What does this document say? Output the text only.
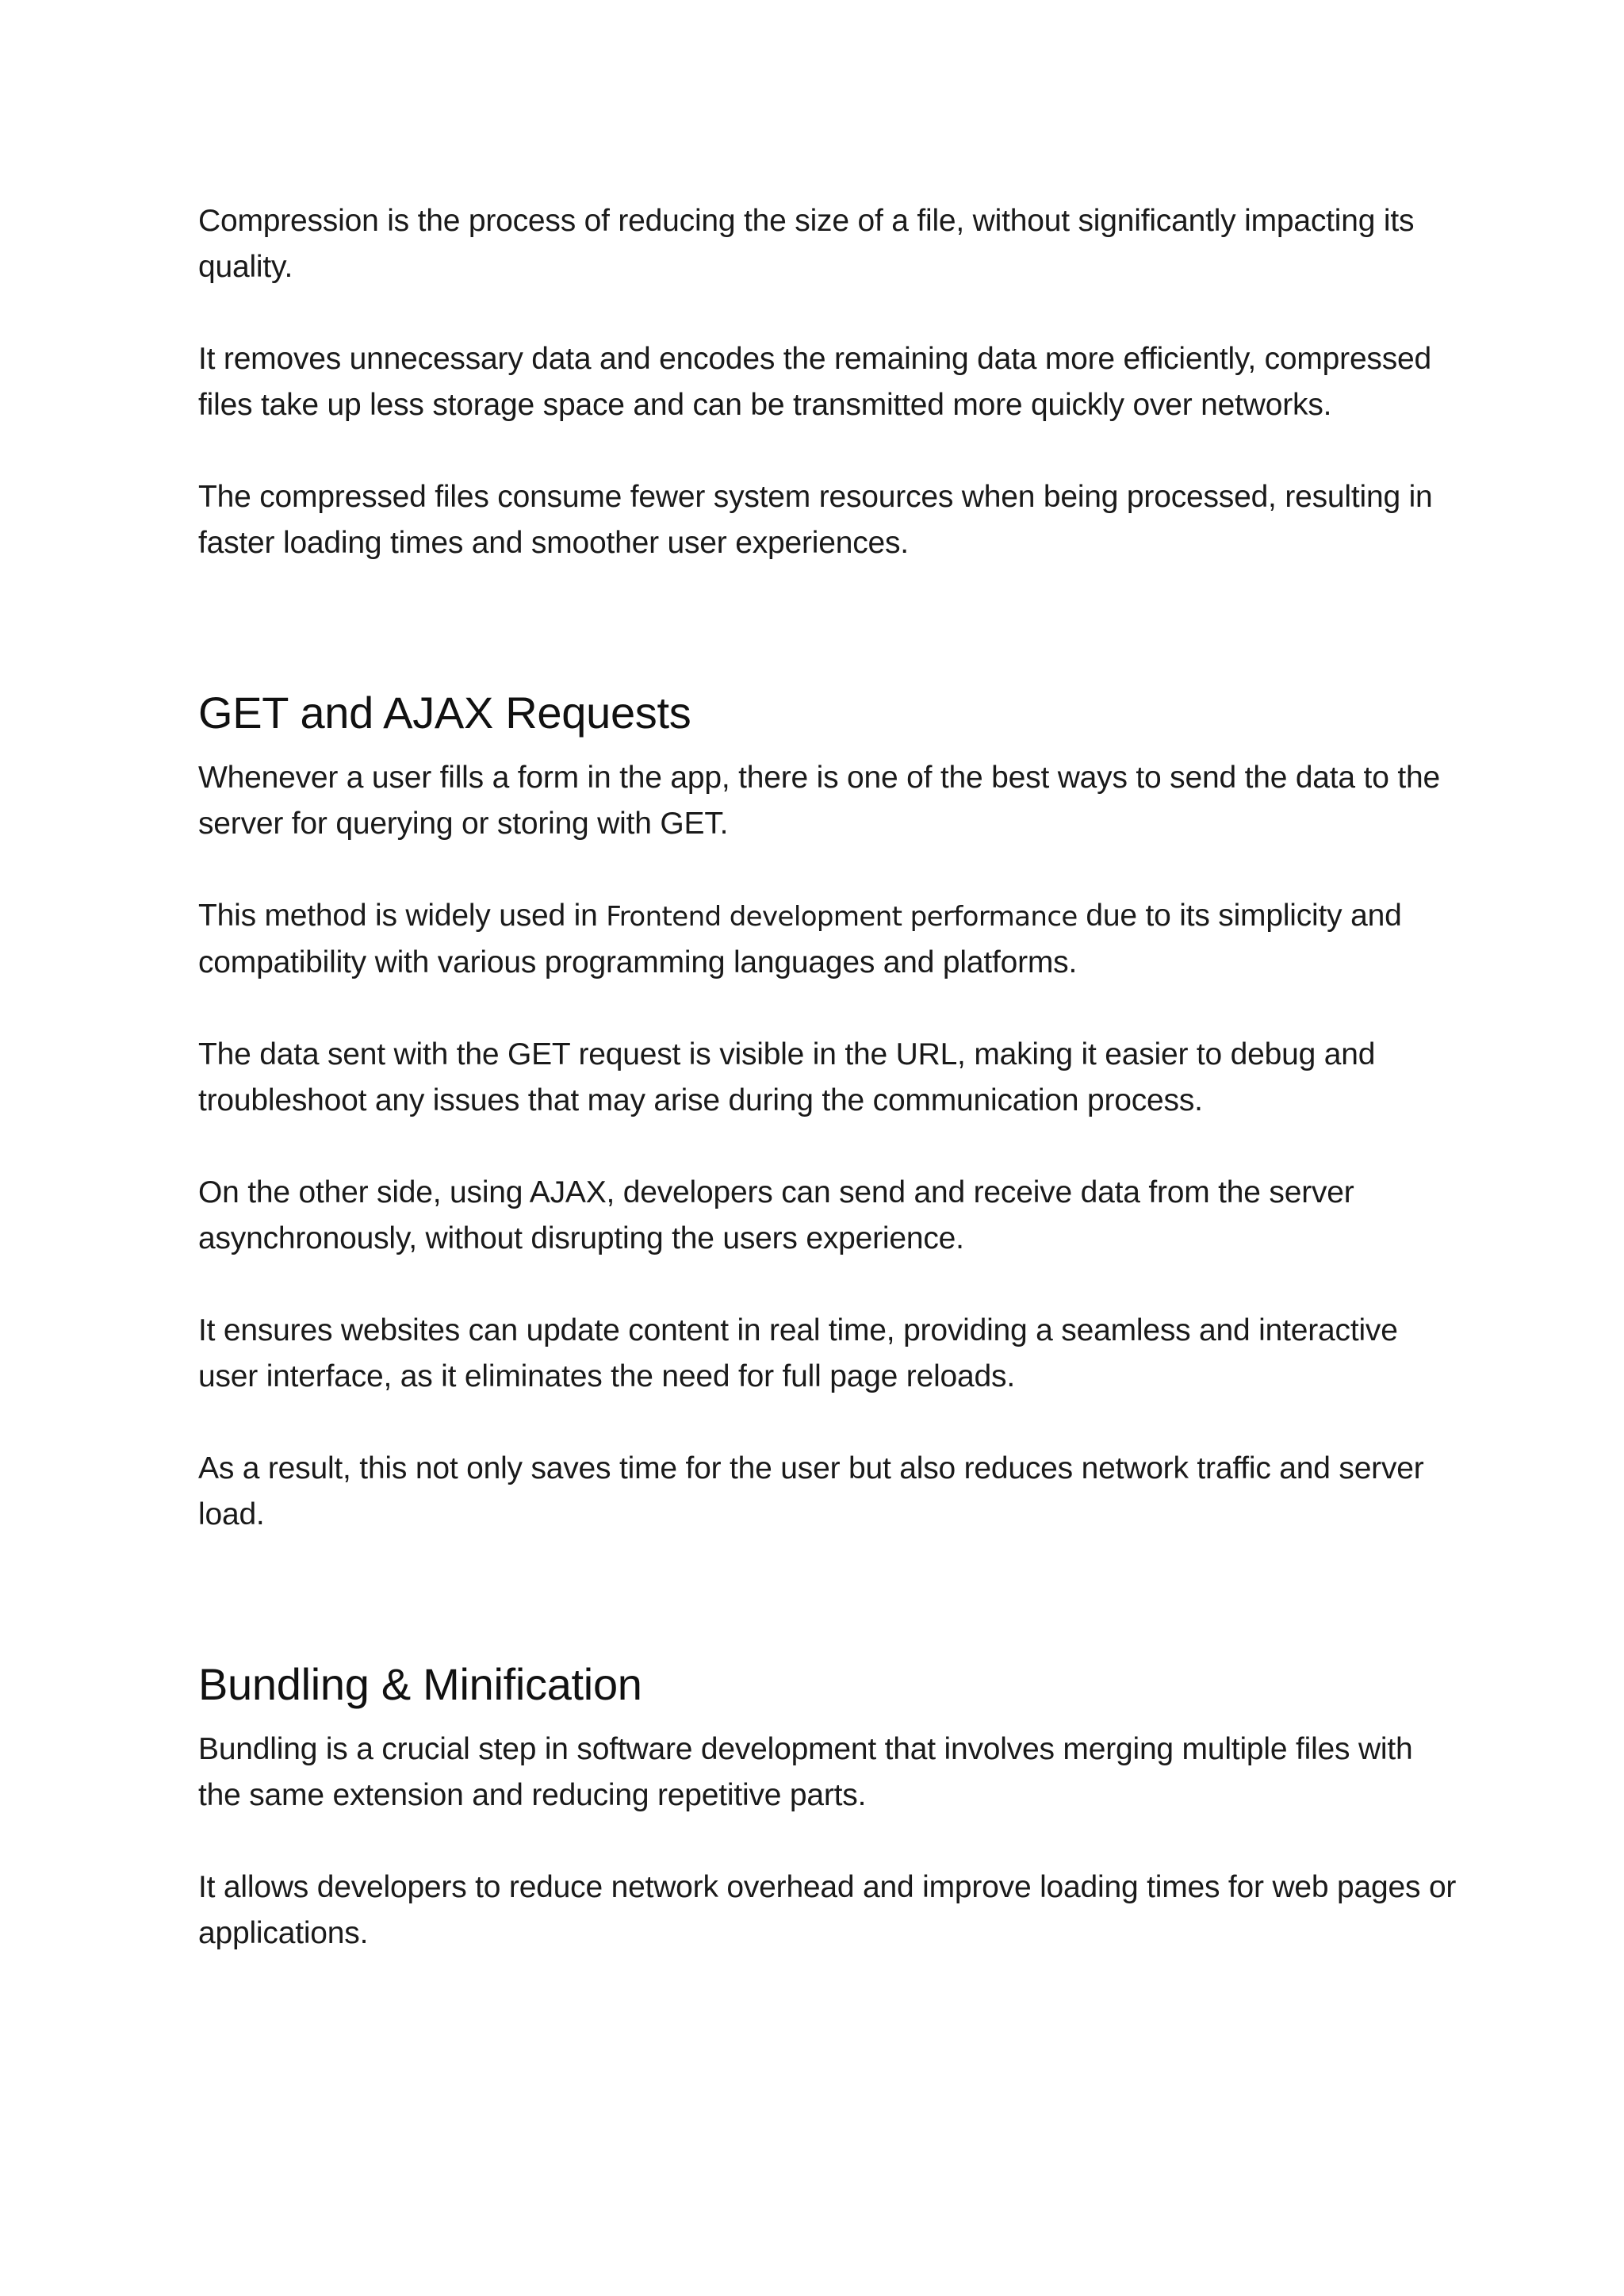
Compression is the process of reducing the size of a file, without significantly impacting its quality.

It removes unnecessary data and encodes the remaining data more efficiently, compressed files take up less storage space and can be transmitted more quickly over networks.

The compressed files consume fewer system resources when being processed, resulting in faster loading times and smoother user experiences.

GET and AJAX Requests

Whenever a user fills a form in the app, there is one of the best ways to send the data to the server for querying or storing with GET.

This method is widely used in Frontend development performance due to its simplicity and compatibility with various programming languages and platforms.

The data sent with the GET request is visible in the URL, making it easier to debug and troubleshoot any issues that may arise during the communication process.

On the other side, using AJAX, developers can send and receive data from the server asynchronously, without disrupting the users experience.

It ensures websites can update content in real time, providing a seamless and interactive user interface, as it eliminates the need for full page reloads.

As a result, this not only saves time for the user but also reduces network traffic and server load.

Bundling & Minification

Bundling is a crucial step in software development that involves merging multiple files with the same extension and reducing repetitive parts.

It allows developers to reduce network overhead and improve loading times for web pages or applications.
